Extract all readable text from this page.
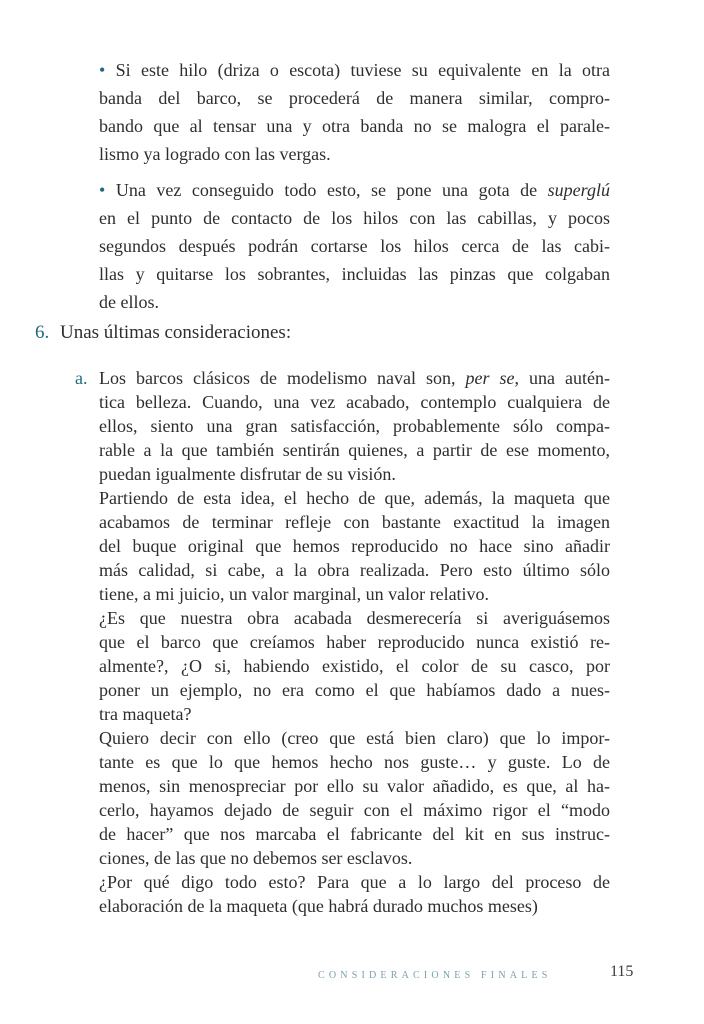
• Si este hilo (driza o escota) tuviese su equivalente en la otra
banda del barco, se procederá de manera similar, compro-
bando que al tensar una y otra banda no se malogra el parale-
lismo ya logrado con las vergas.
• Una vez conseguido todo esto, se pone una gota de superglú
en el punto de contacto de los hilos con las cabillas, y pocos
segundos después podrán cortarse los hilos cerca de las cabi-
llas y quitarse los sobrantes, incluidas las pinzas que colgaban
de ellos.
6. Unas últimas consideraciones:
a. Los barcos clásicos de modelismo naval son, per se, una autén-
tica belleza. Cuando, una vez acabado, contemplo cualquiera de
ellos, siento una gran satisfacción, probablemente sólo compa-
rable a la que también sentirán quienes, a partir de ese momento,
puedan igualmente disfrutar de su visión.
Partiendo de esta idea, el hecho de que, además, la maqueta que
acabamos de terminar refleje con bastante exactitud la imagen
del buque original que hemos reproducido no hace sino añadir
más calidad, si cabe, a la obra realizada. Pero esto último sólo
tiene, a mi juicio, un valor marginal, un valor relativo.
¿Es que nuestra obra acabada desmerecería si averiguásemos
que el barco que creíamos haber reproducido nunca existió re-
almente?, ¿O si, habiendo existido, el color de su casco, por
poner un ejemplo, no era como el que habíamos dado a nues-
tra maqueta?
Quiero decir con ello (creo que está bien claro) que lo impor-
tante es que lo que hemos hecho nos guste… y guste. Lo de
menos, sin menospreciar por ello su valor añadido, es que, al ha-
cerlo, hayamos dejado de seguir con el máximo rigor el “modo
de hacer” que nos marcaba el fabricante del kit en sus instruc-
ciones, de las que no debemos ser esclavos.
¿Por qué digo todo esto? Para que a lo largo del proceso de
elaboración de la maqueta (que habrá durado muchos meses)
CONSIDERACIONES FINALES	115
